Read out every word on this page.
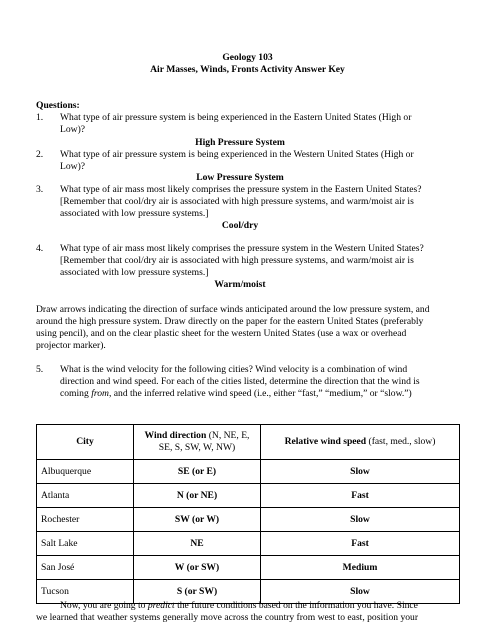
Geology 103
Air Masses, Winds, Fronts Activity Answer Key
Questions:
1. What type of air pressure system is being experienced in the Eastern United States (High or
Low)?
High Pressure System
2. What type of air pressure system is being experienced in the Western United States (High or
Low)?
Low Pressure System
3. What type of air mass most likely comprises the pressure system in the Eastern United States?
[Remember that cool/dry air is associated with high pressure systems, and warm/moist air is
associated with low pressure systems.]
Cool/dry
4. What type of air mass most likely comprises the pressure system in the Western United States?
[Remember that cool/dry air is associated with high pressure systems, and warm/moist air is
associated with low pressure systems.]
Warm/moist
Draw arrows indicating the direction of surface winds anticipated around the low pressure system, and
around the high pressure system. Draw directly on the paper for the eastern United States (preferably
using pencil), and on the clear plastic sheet for the western United States (use a wax or overhead
projector marker).
5. What is the wind velocity for the following cities? Wind velocity is a combination of wind
direction and wind speed. For each of the cities listed, determine the direction that the wind is
coming from, and the inferred relative wind speed (i.e., either “fast,” “medium,” or “slow.”)
City	Wind direction (N, NE, E,
SE, S, SW, W, NW)	Relative wind speed (fast, med., slow)
Albuquerque	SE (or E)	Slow
Atlanta	N (or NE)	Fast
Rochester	SW (or W)	Slow
Salt Lake	NE	Fast
San José	W (or SW)	Medium
Tucson	S (or SW)	Slow
Now, you are going to predict the future conditions based on the information you have. Since
we learned that weather systems generally move across the country from west to east, position your
